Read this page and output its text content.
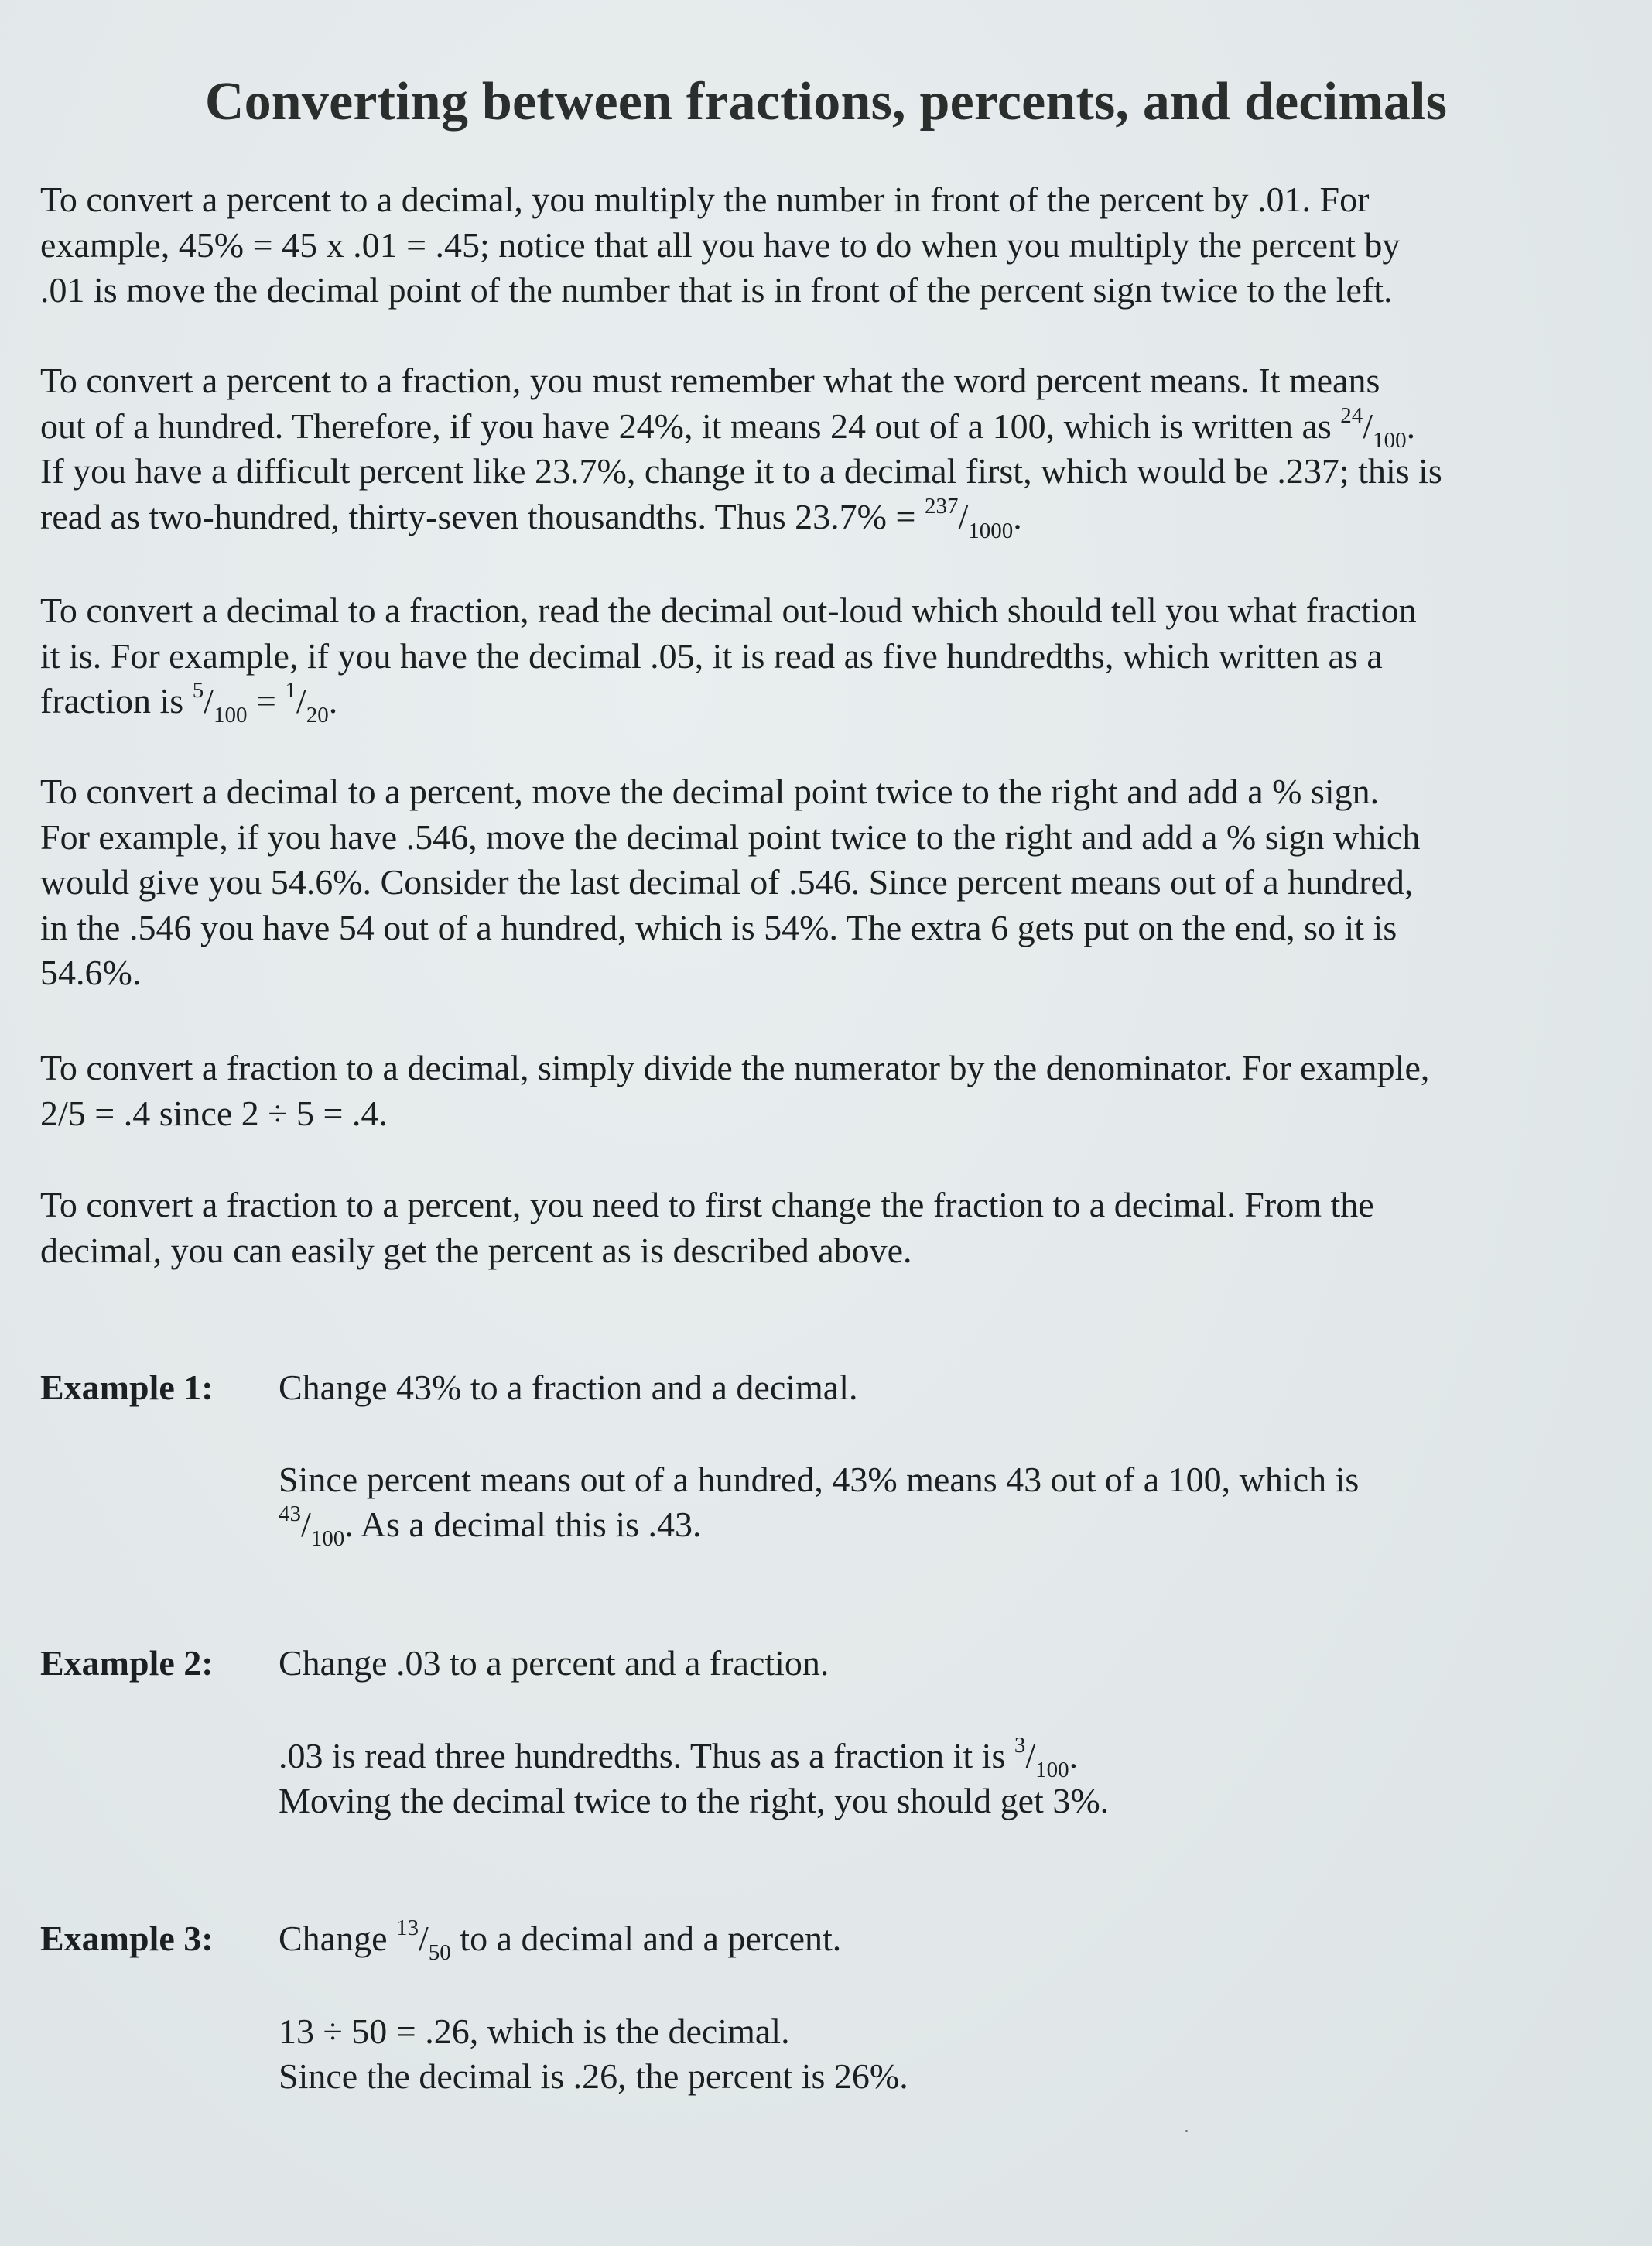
Converting between fractions, percents, and decimals
To convert a percent to a decimal, you multiply the number in front of the percent by .01. For
example, 45% = 45 x .01 = .45; notice that all you have to do when you multiply the percent by
.01 is move the decimal point of the number that is in front of the percent sign twice to the left.
To convert a percent to a fraction, you must remember what the word percent means. It means
out of a hundred. Therefore, if you have 24%, it means 24 out of a 100, which is written as $^{24}/_{100}$.
If you have a difficult percent like 23.7%, change it to a decimal first, which would be .237; this is
read as two-hundred, thirty-seven thousandths. Thus $23.7\% = ^{237}/_{1000}$.
To convert a decimal to a fraction, read the decimal out-loud which should tell you what fraction
it is. For example, if you have the decimal .05, it is read as five hundredths, which written as a
fraction is $^5/_{100} = ^1/_{20}$.
To convert a decimal to a percent, move the decimal point twice to the right and add a % sign.
For example, if you have .546, move the decimal point twice to the right and add a % sign which
would give you 54.6%. Consider the last decimal of .546. Since percent means out of a hundred,
in the .546 you have 54 out of a hundred, which is 54%. The extra 6 gets put on the end, so it is
54.6%.
To convert a fraction to a decimal, simply divide the numerator by the denominator. For example,
2/5 = .4 since 2 ÷ 5 = .4.
To convert a fraction to a percent, you need to first change the fraction to a decimal. From the
decimal, you can easily get the percent as is described above.
Example 1: Change 43% to a fraction and a decimal.
Since percent means out of a hundred, 43% means 43 out of a 100, which is
$^{43}/_{100}$. As a decimal this is .43.
Example 2: Change .03 to a percent and a fraction.
.03 is read three hundredths. Thus as a fraction it is $^3/_{100}$.
Moving the decimal twice to the right, you should get 3%.
Example 3: Change $^{13}/_{50}$ to a decimal and a percent.
13 ÷ 50 = .26, which is the decimal.
Since the decimal is .26, the percent is 26%.
